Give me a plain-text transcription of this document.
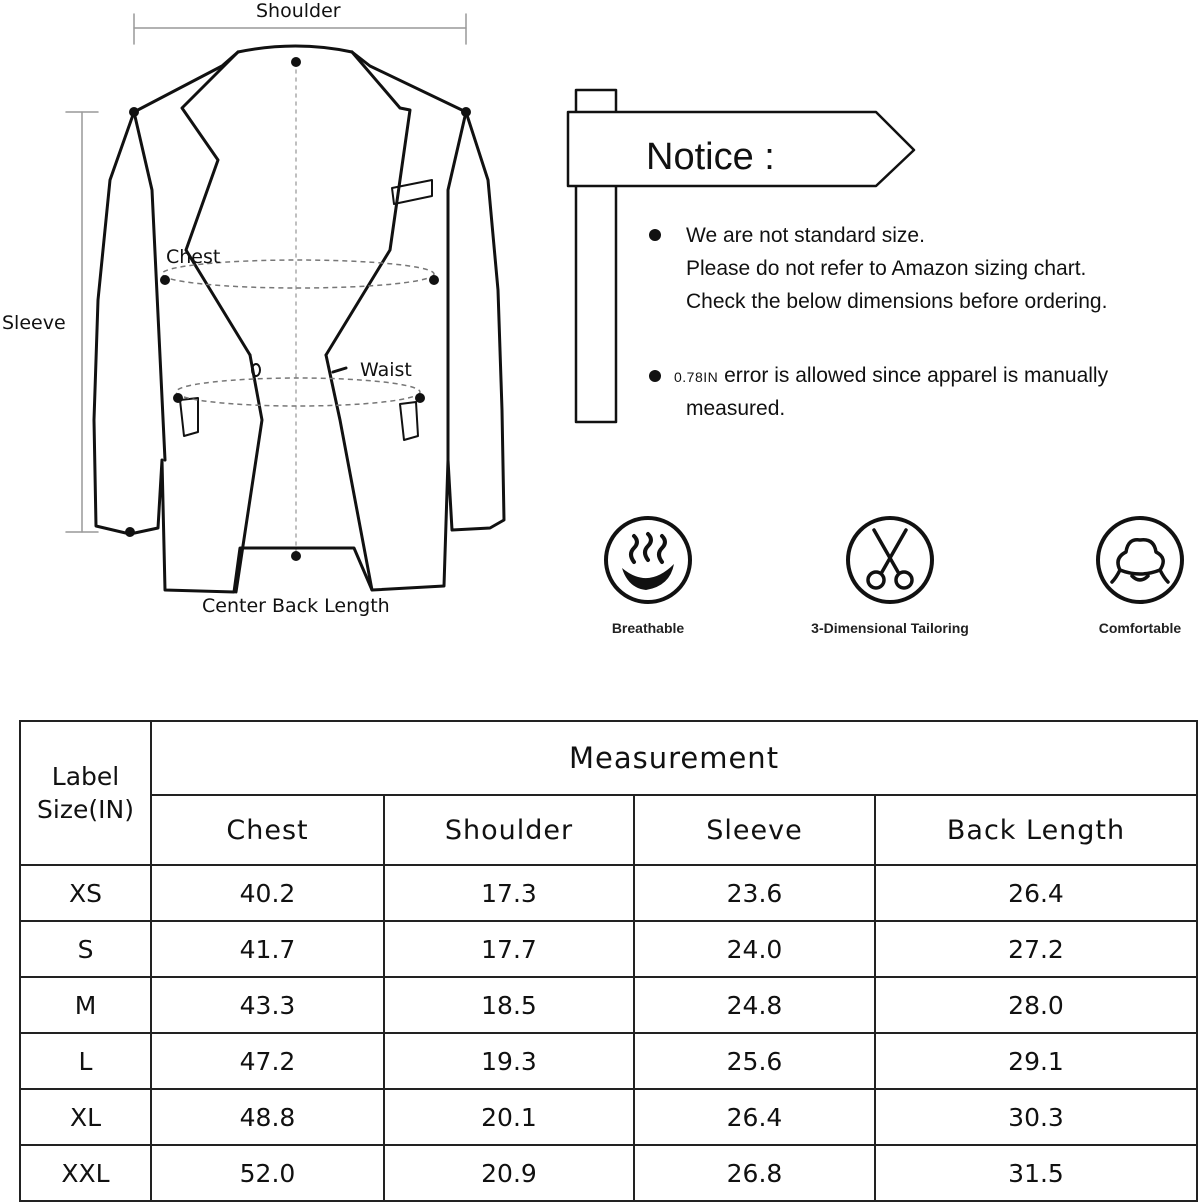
Shoulder
Sleeve
Chest
Waist
Center Back Length
Notice :
We are not standard size.
Please do not refer to Amazon sizing chart.
Check the below dimensions before ordering.
0.78IN error is allowed since apparel is manually
measured.
Breathable	3-Dimensional Tailoring	Comfortable
Label
Size(IN)	Measurement			
	Chest	Shoulder	Sleeve	Back Length
XS	40.2	17.3	23.6	26.4
S	41.7	17.7	24.0	27.2
M	43.3	18.5	24.8	28.0
L	47.2	19.3	25.6	29.1
XL	48.8	20.1	26.4	30.3
XXL	52.0	20.9	26.8	31.5
